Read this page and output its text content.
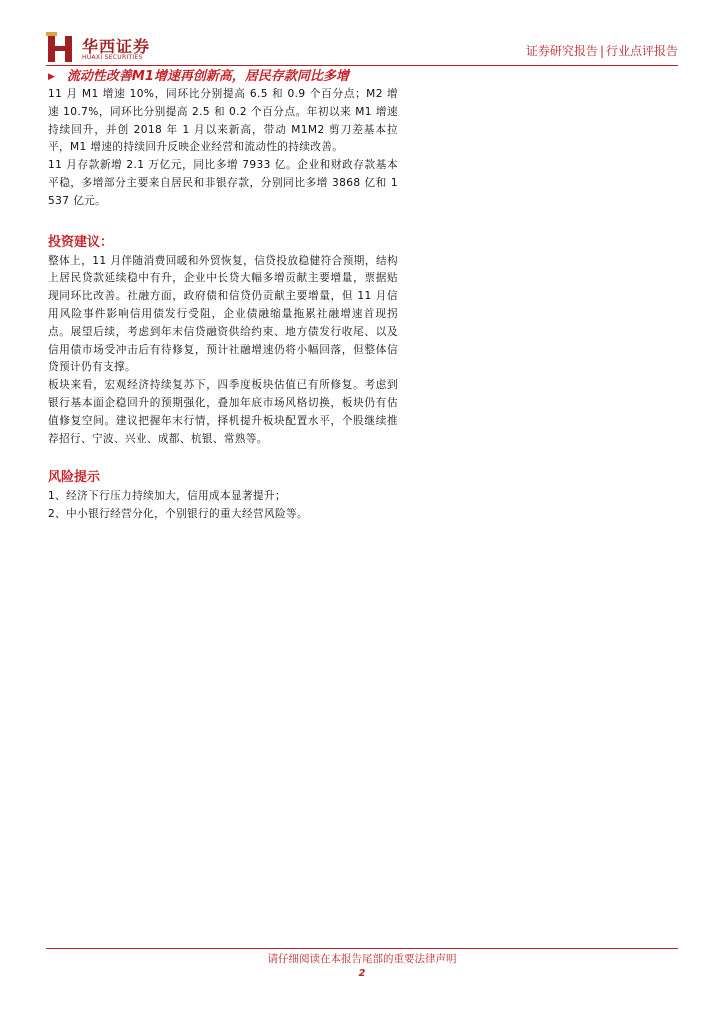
华西证券
HUAXI SECURITIES	证券研究报告 | 行业点评报告
▶ 流动性改善M1增速再创新高，居民存款同比多增

11 月 M1 增速 10%，同环比分别提高 6.5 和 0.9 个百分点；M2 增速 10.7%，同环比分别提高 2.5 和 0.2 个百分点。年初以来 M1 增速持续回升，并创 2018 年 1 月以来新高，带动 M1M2 剪刀差基本拉平，M1 增速的持续回升反映企业经营和流动性的持续改善。

11 月存款新增 2.1 万亿元，同比多增 7933 亿。企业和财政存款基本平稳，多增部分主要来自居民和非银存款，分别同比多增 3868 亿和 1537 亿元。

投资建议：

整体上，11 月伴随消费回暖和外贸恢复，信贷投放稳健符合预期，结构上居民贷款延续稳中有升，企业中长贷大幅多增贡献主要增量，票据贴现同环比改善。社融方面，政府债和信贷仍贡献主要增量，但 11 月信用风险事件影响信用债发行受阻，企业债融缩量拖累社融增速首现拐点。展望后续，考虑到年末信贷融资供给约束、地方债发行收尾、以及信用债市场受冲击后有待修复，预计社融增速仍将小幅回落，但整体信贷预计仍有支撑。

板块来看，宏观经济持续复苏下，四季度板块估值已有所修复。考虑到银行基本面企稳回升的预期强化，叠加年底市场风格切换，板块仍有估值修复空间。建议把握年末行情，择机提升板块配置水平，个股继续推荐招行、宁波、兴业、成都、杭银、常熟等。

风险提示

1、经济下行压力持续加大，信用成本显著提升；

2、中小银行经营分化，个别银行的重大经营风险等。

请仔细阅读在本报告尾部的重要法律声明
2
